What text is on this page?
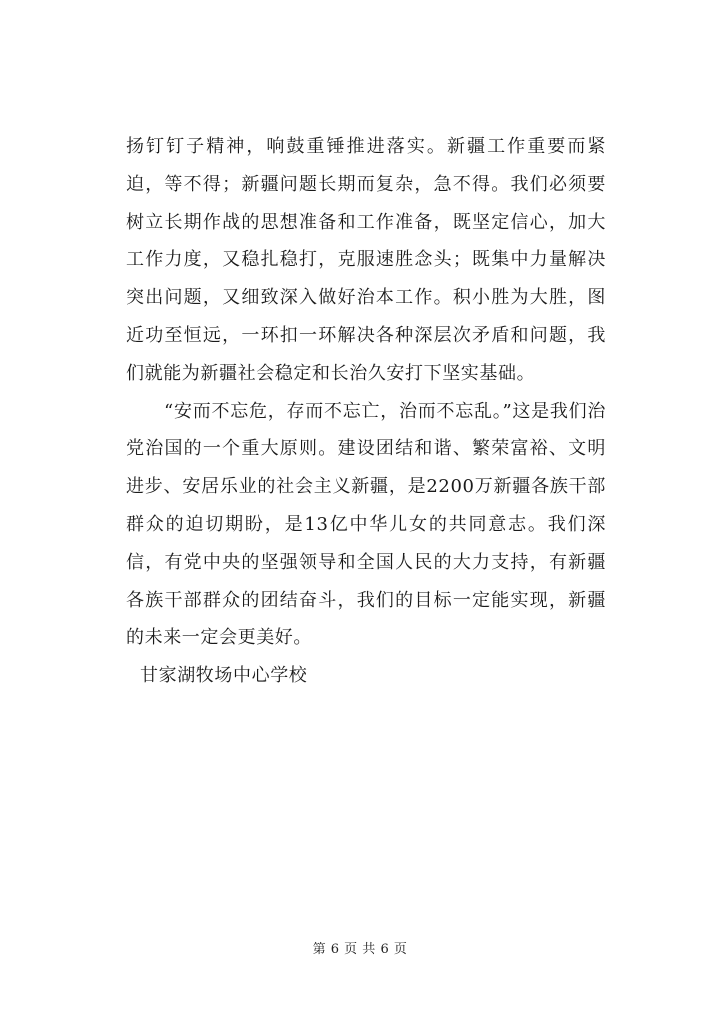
扬钉钉子精神，响鼓重锤推进落实。新疆工作重要而紧迫，等不得；新疆问题长期而复杂，急不得。我们必须要树立长期作战的思想准备和工作准备，既坚定信心，加大工作力度，又稳扎稳打，克服速胜念头；既集中力量解决突出问题，又细致深入做好治本工作。积小胜为大胜，图近功至恒远，一环扣一环解决各种深层次矛盾和问题，我们就能为新疆社会稳定和长治久安打下坚实基础。

“安而不忘危，存而不忘亡，治而不忘乱。”这是我们治党治国的一个重大原则。建设团结和谐、繁荣富裕、文明进步、安居乐业的社会主义新疆，是2200万新疆各族干部群众的迫切期盼，是13亿中华儿女的共同意志。我们深信，有党中央的坚强领导和全国人民的大力支持，有新疆各族干部群众的团结奋斗，我们的目标一定能实现，新疆的未来一定会更美好。

甘家湖牧场中心学校

第 6 页 共 6 页
